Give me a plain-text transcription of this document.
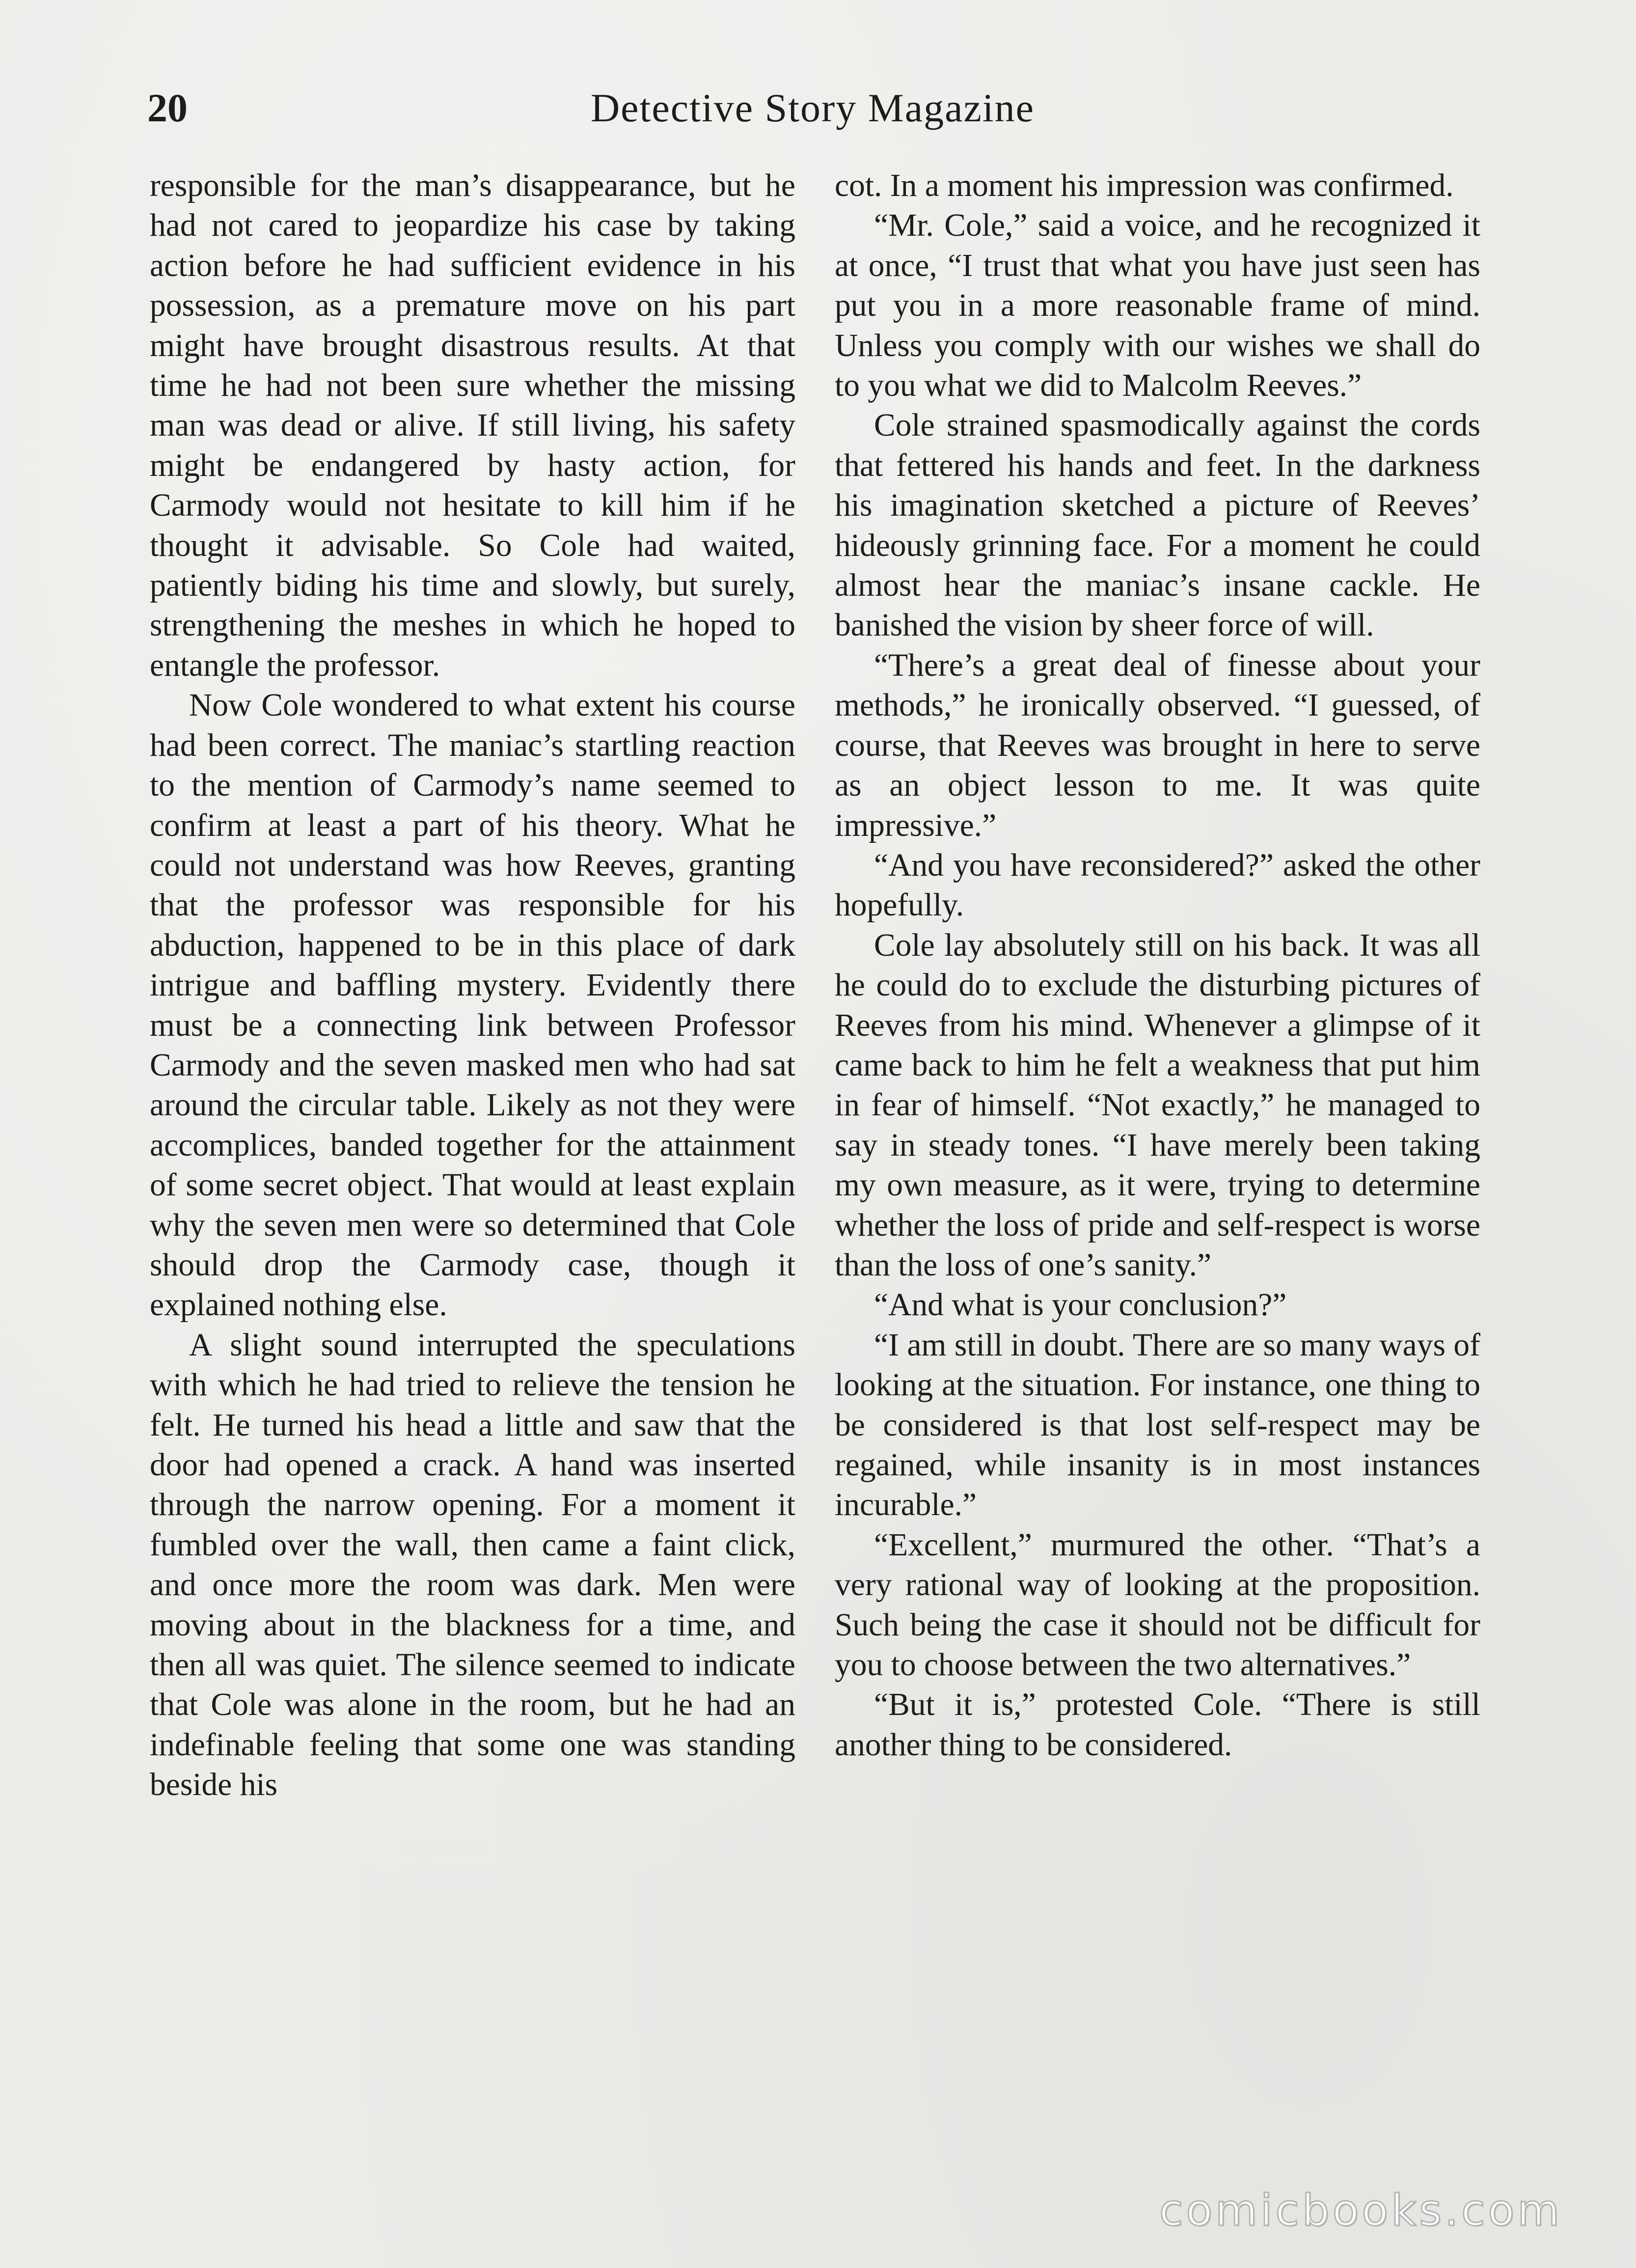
20	Detective Story Magazine

responsible for the man’s disappearance, but he had not cared to jeopardize his case by taking action before he had sufficient evidence in his possession, as a premature move on his part might have brought disastrous results. At that time he had not been sure whether the missing man was dead or alive. If still living, his safety might be endangered by hasty action, for Carmody would not hesitate to kill him if he thought it advisable. So Cole had waited, patiently biding his time and slowly, but surely, strengthening the meshes in which he hoped to entangle the professor.

Now Cole wondered to what extent his course had been correct. The maniac’s startling reaction to the mention of Carmody’s name seemed to confirm at least a part of his theory. What he could not understand was how Reeves, granting that the professor was responsible for his abduction, happened to be in this place of dark intrigue and baffling mystery. Evidently there must be a connecting link between Professor Carmody and the seven masked men who had sat around the circular table. Likely as not they were accomplices, banded together for the attainment of some secret object. That would at least explain why the seven men were so determined that Cole should drop the Carmody case, though it explained nothing else.

A slight sound interrupted the speculations with which he had tried to relieve the tension he felt. He turned his head a little and saw that the door had opened a crack. A hand was inserted through the narrow opening. For a moment it fumbled over the wall, then came a faint click, and once more the room was dark. Men were moving about in the blackness for a time, and then all was quiet. The silence seemed to indicate that Cole was alone in the room, but he had an indefinable feeling that some one was standing beside his

cot. In a moment his impression was confirmed.

“Mr. Cole,” said a voice, and he recognized it at once, “I trust that what you have just seen has put you in a more reasonable frame of mind. Unless you comply with our wishes we shall do to you what we did to Malcolm Reeves.”

Cole strained spasmodically against the cords that fettered his hands and feet. In the darkness his imagination sketched a picture of Reeves’ hideously grinning face. For a moment he could almost hear the maniac’s insane cackle. He banished the vision by sheer force of will.

“There’s a great deal of finesse about your methods,” he ironically observed. “I guessed, of course, that Reeves was brought in here to serve as an object lesson to me. It was quite impressive.”

“And you have reconsidered?” asked the other hopefully.

Cole lay absolutely still on his back. It was all he could do to exclude the disturbing pictures of Reeves from his mind. Whenever a glimpse of it came back to him he felt a weakness that put him in fear of himself. “Not exactly,” he managed to say in steady tones. “I have merely been taking my own measure, as it were, trying to determine whether the loss of pride and self-respect is worse than the loss of one’s sanity.”

“And what is your conclusion?”

“I am still in doubt. There are so many ways of looking at the situation. For instance, one thing to be considered is that lost self-respect may be regained, while insanity is in most instances incurable.”

“Excellent,” murmured the other. “That’s a very rational way of looking at the proposition. Such being the case it should not be difficult for you to choose between the two alternatives.”

“But it is,” protested Cole. “There is still another thing to be considered.

comicbooks.com
